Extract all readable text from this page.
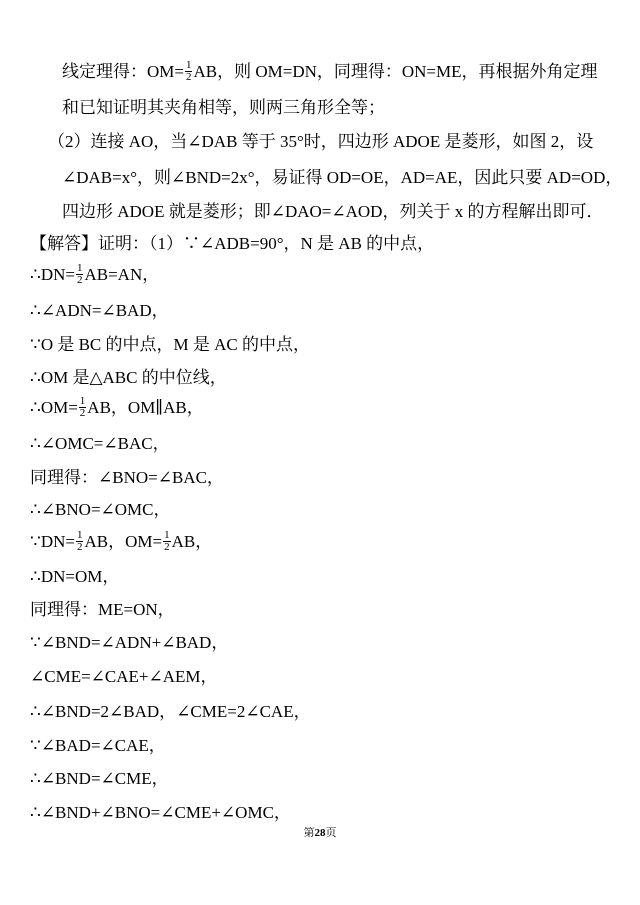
线定理得：$OM= \frac{1}{2}$ AB，则 OM=DN，同理得：ON=ME，再根据外角定理
和已知证明其夹角相等，则两三角形全等；
（2）连接 AO，当∠DAB 等于 35°时，四边形 ADOE 是菱形，如图 2，设
∠DAB=x°，则∠BND=2x°，易证得 OD=OE，AD=AE，因此只要 AD=OD，
四边形 ADOE 就是菱形；即∠DAO=∠AOD，列关于 x 的方程解出即可．
【解答】证明：（1）∵∠ADB=90°，N 是 AB 的中点，
∴DN= $\frac{1}{2} AB=AN$，
∴∠ADN=∠BAD，
∵O 是 BC 的中点，M 是 AC 的中点，
∴OM 是△ABC 的中位线，
∴OM= $\frac{1}{2}$ AB，OM∥AB，
∴∠OMC=∠BAC，
同理得：∠BNO=∠BAC，
∴∠BNO=∠OMC，
∵DN= $\frac{1}{2}$ AB，$OM= \frac{1}{2}$ AB，
∴DN=OM，
同理得：ME=ON，
∵∠BND=∠ADN+∠BAD，
∠CME=∠CAE+∠AEM，
∴∠BND=2∠BAD，∠CME=2∠CAE，
∵∠BAD=∠CAE，
∴∠BND=∠CME，
∴∠BND+∠BNO=∠CME+∠OMC，
第28页
